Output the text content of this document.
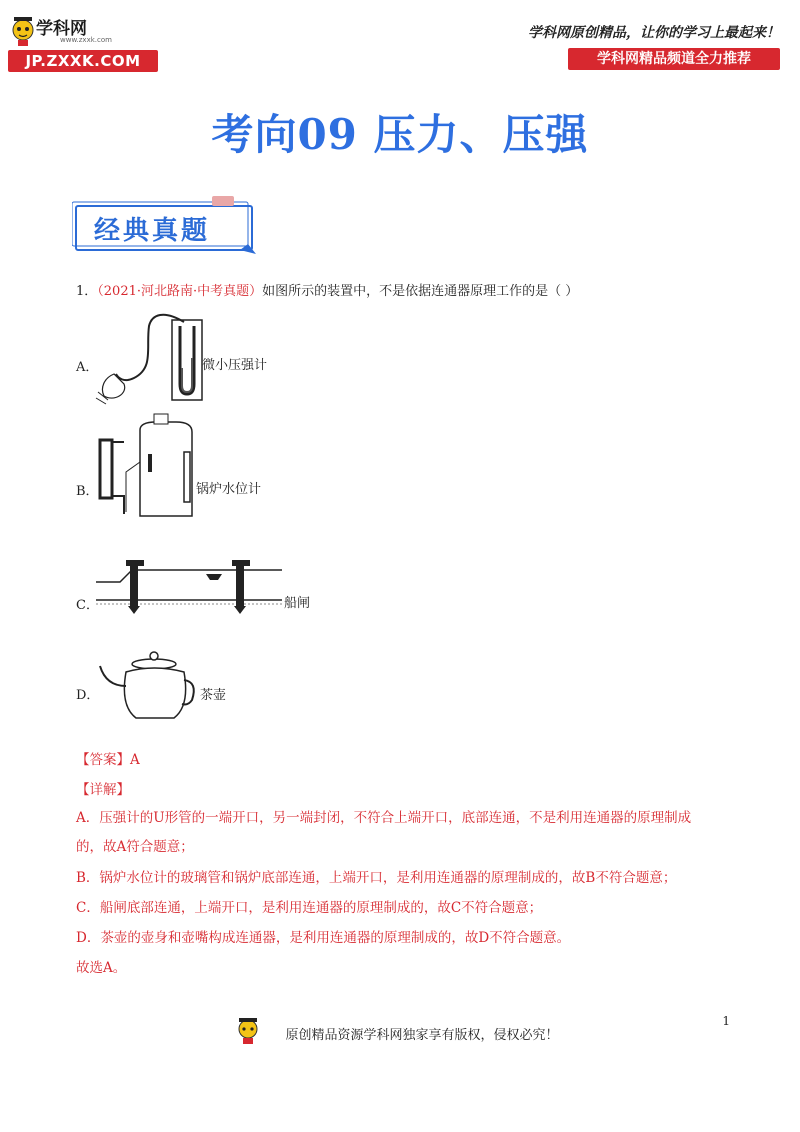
学科网
www.zxxk.com
JP.ZXXK.COM
学科网原创精品，让你的学习上最起来！
学科网精品频道全力推荐
考向09 压力、压强
经典真题
1．（2021·河北路南·中考真题）如图所示的装置中，不是依据连通器原理工作的是（ ）
A．	微小压强计
B．	锅炉水位计
C．	船闸
D．	茶壶
【答案】A
【详解】
A．压强计的U形管的一端开口，另一端封闭，不符合上端开口，底部连通，不是利用连通器的原理制成
的，故A符合题意；
B．锅炉水位计的玻璃管和锅炉底部连通，上端开口，是利用连通器的原理制成的，故B不符合题意；
C．船闸底部连通，上端开口，是利用连通器的原理制成的，故C不符合题意；
D．茶壶的壶身和壶嘴构成连通器，是利用连通器的原理制成的，故D不符合题意。
故选A。
1
原创精品资源学科网独家享有版权，侵权必究！
